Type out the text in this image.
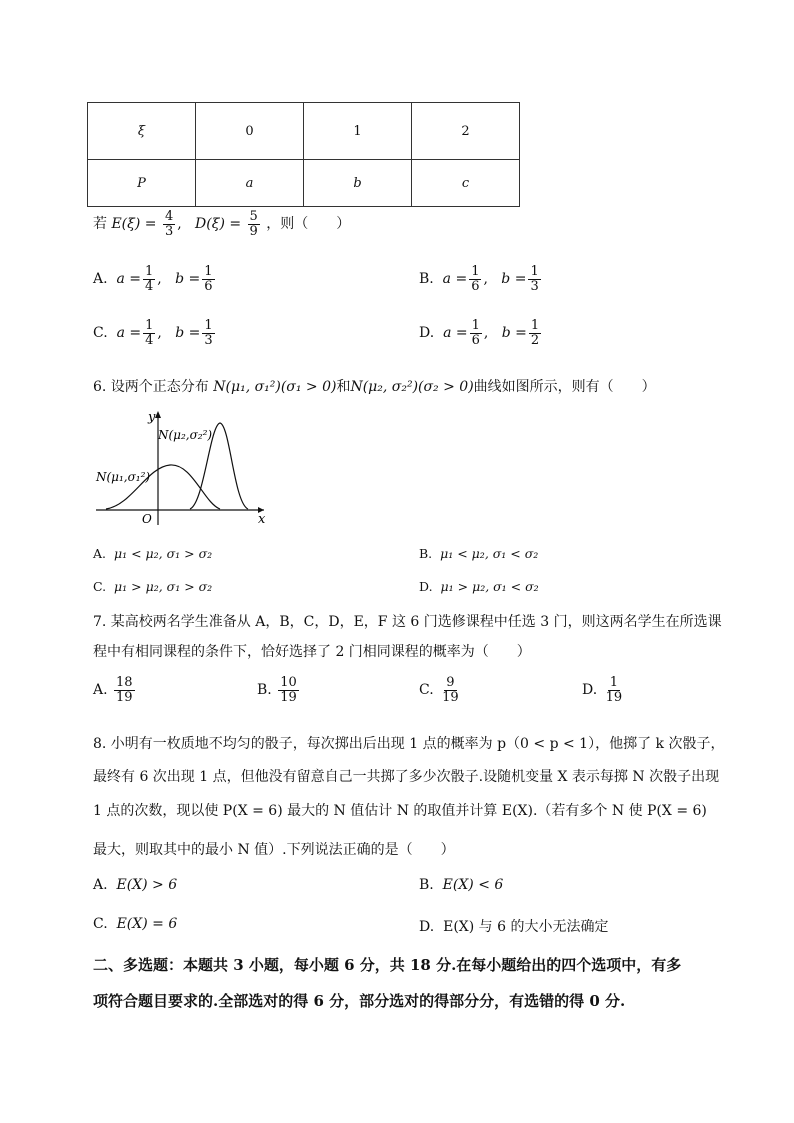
ξ	0	1	2
P	a	b	c
若 $E(\xi) = \frac{4}{3}$ ,   $D(\xi) = \frac{5}{9}$ ，则（　　）
A. $a = \frac{1}{4}$ ,   $b = \frac{1}{6}$	B. $a = \frac{1}{6}$ ,   $b = \frac{1}{3}$
C. $a = \frac{1}{4}$ ,   $b = \frac{1}{3}$	D. $a = \frac{1}{6}$ ,   $b = \frac{1}{2}$
6. 设两个正态分布 N(μ₁, σ₁²)(σ₁ > 0)和N(μ₂, σ₂²)(σ₂ > 0)曲线如图所示，则有（　　）
y
x
O
N(μ₂,σ₂²)
N(μ₁,σ₁²)
A. μ₁ < μ₂, σ₁ > σ₂	B. μ₁ < μ₂, σ₁ < σ₂
C. μ₁ > μ₂, σ₁ > σ₂	D. μ₁ > μ₂, σ₁ < σ₂
7. 某高校两名学生准备从 A，B，C，D，E，F 这 6 门选修课程中任选 3 门，则这两名学生在所选课
程中有相同课程的条件下，恰好选择了 2 门相同课程的概率为（　　）
A. $\frac{18}{19}$	B. $\frac{10}{19}$	C. $\frac{9}{19}$	D. $\frac{1}{19}$
8. 小明有一枚质地不均匀的骰子，每次掷出后出现 1 点的概率为 p（0 < p < 1），他掷了 k 次骰子，
最终有 6 次出现 1 点，但他没有留意自己一共掷了多少次骰子.设随机变量 X 表示每掷 N 次骰子出现
1 点的次数，现以使 P(X = 6) 最大的 N 值估计 N 的取值并计算 E(X).（若有多个 N 使 P(X = 6)
最大，则取其中的最小 N 值）.下列说法正确的是（　　）
A. E(X) > 6	B. E(X) < 6
C. E(X) = 6	D. E(X) 与 6 的大小无法确定
二、多选题：本题共 3 小题，每小题 6 分，共 18 分.在每小题给出的四个选项中，有多
项符合题目要求的.全部选对的得 6 分，部分选对的得部分分，有选错的得 0 分.
